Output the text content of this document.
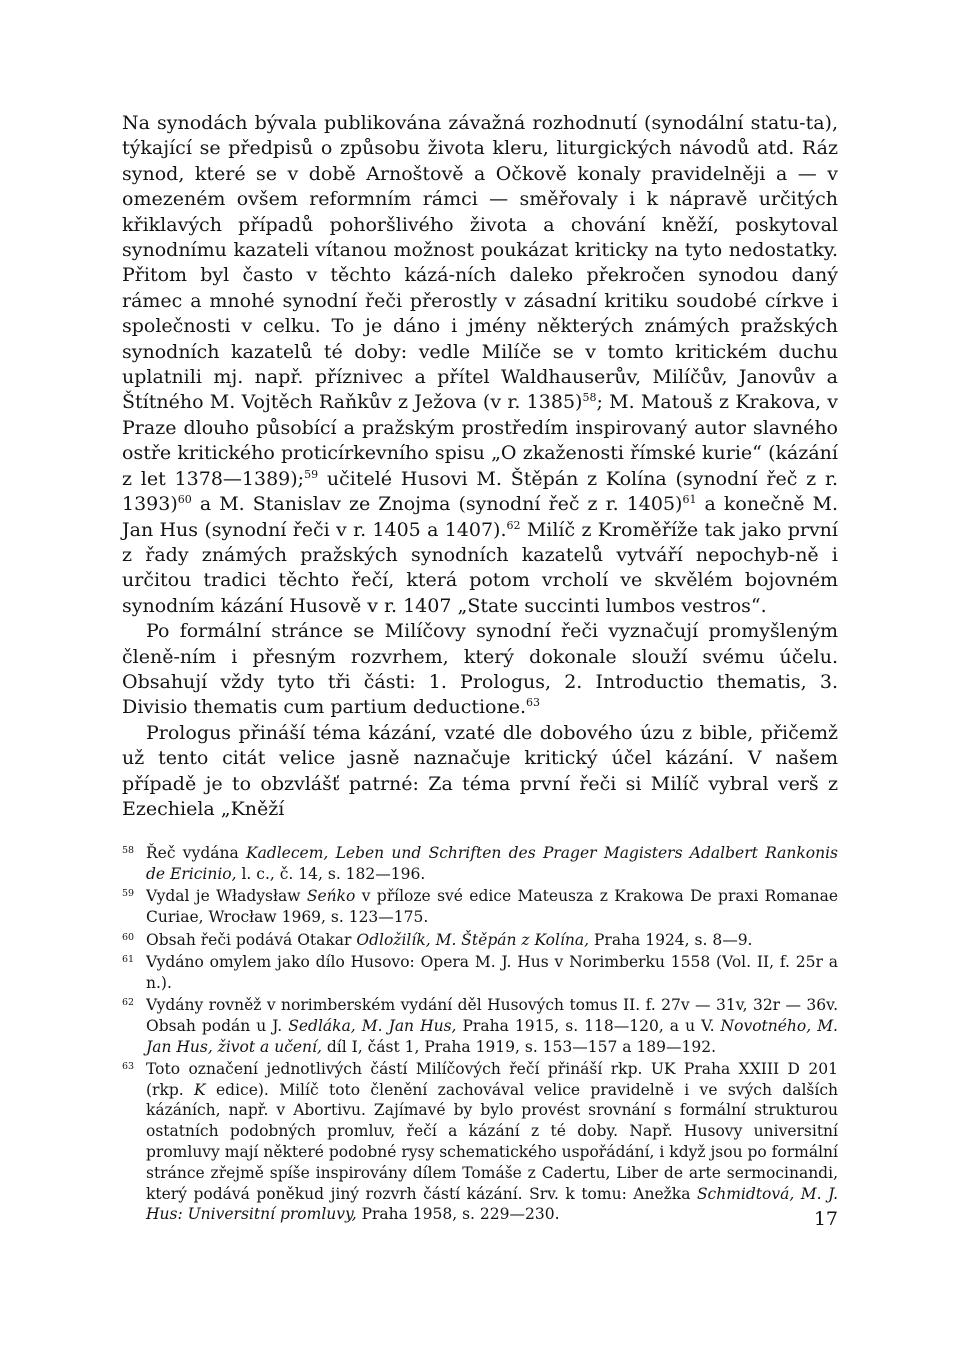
Na synodách bývala publikována závažná rozhodnutí (synodální statu-ta), týkající se předpisů o způsobu života kleru, liturgických návodů atd. Ráz synod, které se v době Arnoštově a Očkově konaly pravidelněji a — v omezeném ovšem reformním rámci — směřovaly i k nápravě určitých křiklavých případů pohoršlivého života a chování kněží, poskytoval synodnímu kazateli vítanou možnost poukázat kriticky na tyto nedostatky. Přitom byl často v těchto kázá-ních daleko překročen synodou daný rámec a mnohé synodní řeči přerostly v zásadní kritiku soudobé církve i společnosti v celku. To je dáno i jmény některých známých pražských synodních kazatelů té doby: vedle Milíče se v tomto kritickém duchu uplatnili mj. např. příznivec a přítel Waldhauserův, Milíčův, Janovův a Štítného M. Vojtěch Raňkův z Ježova (v r. 1385)$^{58}$; M. Matouš z Krakova, v Praze dlouho působící a pražským prostředím inspirovaný autor slavného ostře kritického proticírkevního spisu „O zkaženosti římské kurie“ (kázání z let 1378—1389);$^{59}$ učitelé Husovi M. Štěpán z Kolína (synodní řeč z r. 1393)$^{60}$ a M. Stanislav ze Znojma (synodní řeč z r. 1405)$^{61}$ a konečně M. Jan Hus (synodní řeči v r. 1405 a 1407).$^{62}$ Milíč z Kroměříže tak jako první z řady známých pražských synodních kazatelů vytváří nepochyb-ně i určitou tradici těchto řečí, která potom vrcholí ve skvělém bojovném synodním kázání Husově v r. 1407 „State succinti lumbos vestros“.

Po formální stránce se Milíčovy synodní řeči vyznačují promyšleným členě-ním i přesným rozvrhem, který dokonale slouží svému účelu. Obsahují vždy tyto tři části: 1. Prologus, 2. Introductio thematis, 3. Divisio thematis cum partium deductione.$^{63}$

Prologus přináší téma kázání, vzaté dle dobového úzu z bible, přičemž už tento citát velice jasně naznačuje kritický účel kázání. V našem případě je to obzvlášť patrné: Za téma první řeči si Milíč vybral verš z Ezechiela „Kněží

58 Řeč vydána Kadlecem, Leben und Schriften des Prager Magisters Adalbert Rankonis de Ericinio, l. c., č. 14, s. 182—196.
59 Vydal je Władysław Seńko v příloze své edice Mateusza z Krakowa De praxi Romanae Curiae, Wrocław 1969, s. 123—175.
60 Obsah řeči podává Otakar Odložilík, M. Štěpán z Kolína, Praha 1924, s. 8—9.
61 Vydáno omylem jako dílo Husovo: Opera M. J. Hus v Norimberku 1558 (Vol. II, f. 25r a n.).
62 Vydány rovněž v norimberském vydání děl Husových tomus II. f. 27v — 31v, 32r — 36v. Obsah podán u J. Sedláka, M. Jan Hus, Praha 1915, s. 118—120, a u V. Novotného, M. Jan Hus, život a učení, díl I, část 1, Praha 1919, s. 153—157 a 189—192.
63 Toto označení jednotlivých částí Milíčových řečí přináší rkp. UK Praha XXIII D 201 (rkp. K edice). Milíč toto členění zachovával velice pravidelně i ve svých dalších kázáních, např. v Abortivu. Zajímavé by bylo provést srovnání s formální strukturou ostatních podobných promluv, řečí a kázání z té doby. Např. Husovy universitní promluvy mají některé podobné rysy schematického uspořádání, i když jsou po formální stránce zřejmě spíše inspirovány dílem Tomáše z Cadertu, Liber de arte sermocinandi, který podává poněkud jiný rozvrh částí kázání. Srv. k tomu: Anežka Schmidtová, M. J. Hus: Universitní promluvy, Praha 1958, s. 229—230.	17
